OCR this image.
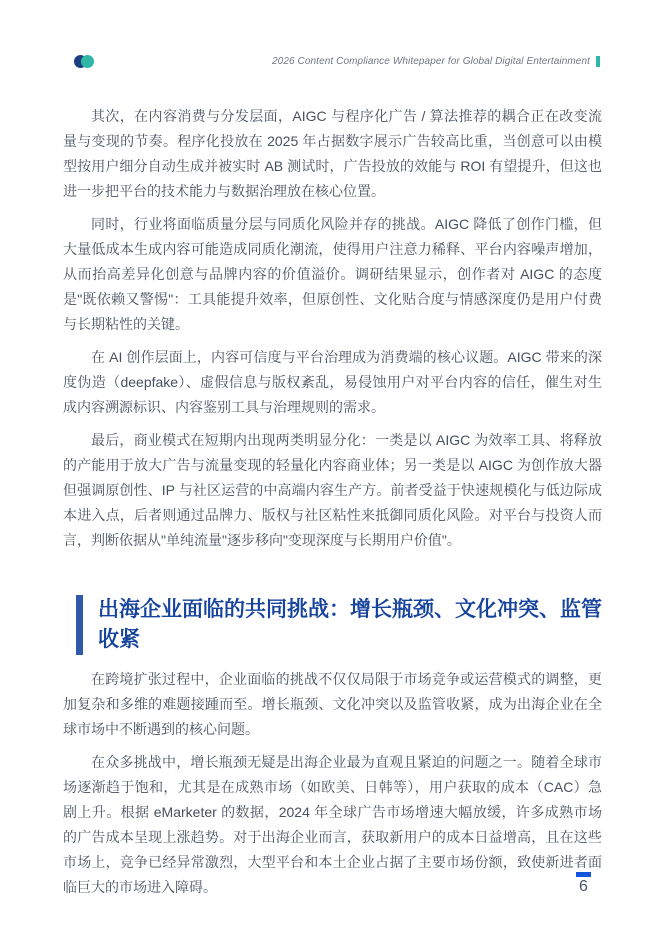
2026 Content Compliance Whitepaper for Global Digital Entertainment

其次，在内容消费与分发层面，AIGC 与程序化广告 / 算法推荐的耦合正在改变流量与变现的节奏。程序化投放在 2025 年占据数字展示广告较高比重，当创意可以由模型按用户细分自动生成并被实时 AB 测试时，广告投放的效能与 ROI 有望提升，但这也进一步把平台的技术能力与数据治理放在核心位置。

同时，行业将面临质量分层与同质化风险并存的挑战。AIGC 降低了创作门槛，但大量低成本生成内容可能造成同质化潮流，使得用户注意力稀释、平台内容噪声增加，从而抬高差异化创意与品牌内容的价值溢价。调研结果显示，创作者对 AIGC 的态度是"既依赖又警惕"：工具能提升效率，但原创性、文化贴合度与情感深度仍是用户付费与长期粘性的关键。

在 AI 创作层面上，内容可信度与平台治理成为消费端的核心议题。AIGC 带来的深度伪造（deepfake）、虚假信息与版权紊乱，易侵蚀用户对平台内容的信任，催生对生成内容溯源标识、内容鉴别工具与治理规则的需求。

最后，商业模式在短期内出现两类明显分化：一类是以 AIGC 为效率工具、将释放的产能用于放大广告与流量变现的轻量化内容商业体；另一类是以 AIGC 为创作放大器但强调原创性、IP 与社区运营的中高端内容生产方。前者受益于快速规模化与低边际成本进入点，后者则通过品牌力、版权与社区粘性来抵御同质化风险。对平台与投资人而言，判断依据从"单纯流量"逐步移向"变现深度与长期用户价值"。

出海企业面临的共同挑战：增长瓶颈、文化冲突、监管收紧

在跨境扩张过程中，企业面临的挑战不仅仅局限于市场竞争或运营模式的调整，更加复杂和多维的难题接踵而至。增长瓶颈、文化冲突以及监管收紧，成为出海企业在全球市场中不断遇到的核心问题。

在众多挑战中，增长瓶颈无疑是出海企业最为直观且紧迫的问题之一。随着全球市场逐渐趋于饱和，尤其是在成熟市场（如欧美、日韩等），用户获取的成本（CAC）急剧上升。根据 eMarketer 的数据，2024 年全球广告市场增速大幅放缓，许多成熟市场的广告成本呈现上涨趋势。对于出海企业而言，获取新用户的成本日益增高，且在这些市场上，竞争已经异常激烈，大型平台和本土企业占据了主要市场份额，致使新进者面临巨大的市场进入障碍。	6
